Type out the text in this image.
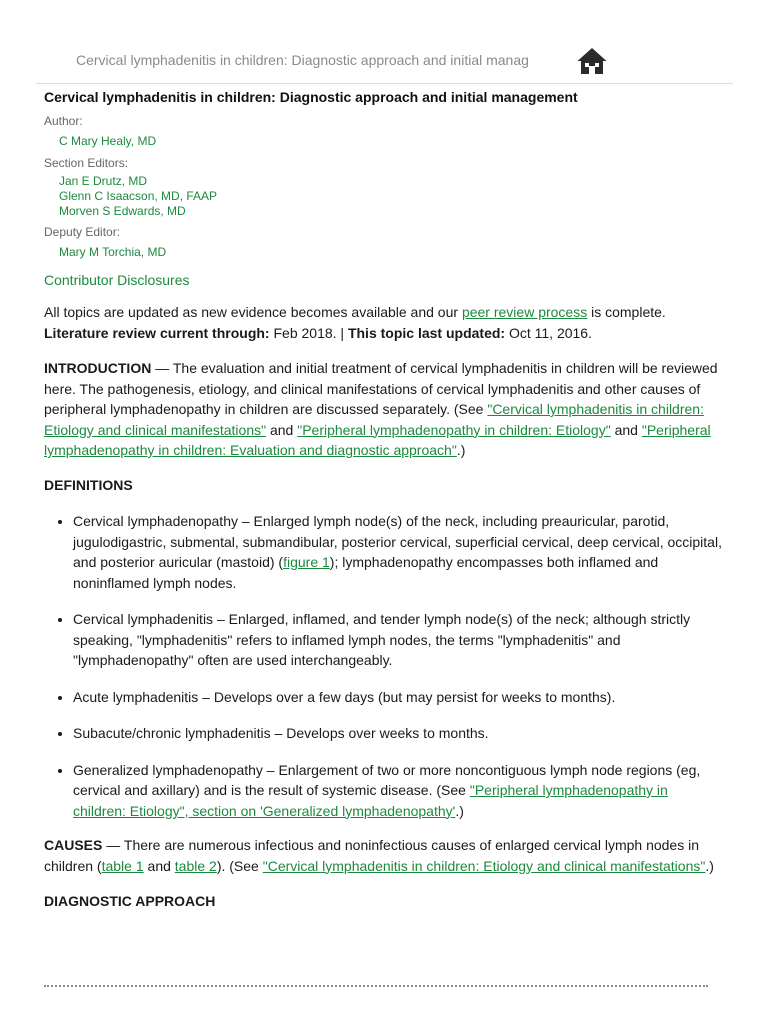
Cervical lymphadenitis in children: Diagnostic approach and initial manag
Cervical lymphadenitis in children: Diagnostic approach and initial management
Author:
C Mary Healy, MD
Section Editors:
Jan E Drutz, MD
Glenn C Isaacson, MD, FAAP
Morven S Edwards, MD
Deputy Editor:
Mary M Torchia, MD
Contributor Disclosures

All topics are updated as new evidence becomes available and our peer review process is complete.
Literature review current through: Feb 2018. | This topic last updated: Oct 11, 2016.

INTRODUCTION — The evaluation and initial treatment of cervical lymphadenitis in children will be reviewed here. The pathogenesis, etiology, and clinical manifestations of cervical lymphadenitis and other causes of peripheral lymphadenopathy in children are discussed separately. (See "Cervical lymphadenitis in children: Etiology and clinical manifestations" and "Peripheral lymphadenopathy in children: Etiology" and "Peripheral lymphadenopathy in children: Evaluation and diagnostic approach".)

DEFINITIONS

• Cervical lymphadenopathy – Enlarged lymph node(s) of the neck, including preauricular, parotid, jugulodigastric, submental, submandibular, posterior cervical, superficial cervical, deep cervical, occipital, and posterior auricular (mastoid) (figure 1); lymphadenopathy encompasses both inflamed and noninflamed lymph nodes.
• Cervical lymphadenitis – Enlarged, inflamed, and tender lymph node(s) of the neck; although strictly speaking, "lymphadenitis" refers to inflamed lymph nodes, the terms "lymphadenitis" and "lymphadenopathy" often are used interchangeably.
• Acute lymphadenitis – Develops over a few days (but may persist for weeks to months).
• Subacute/chronic lymphadenitis – Develops over weeks to months.
• Generalized lymphadenopathy – Enlargement of two or more noncontiguous lymph node regions (eg, cervical and axillary) and is the result of systemic disease. (See "Peripheral lymphadenopathy in children: Etiology", section on 'Generalized lymphadenopathy'.)

CAUSES — There are numerous infectious and noninfectious causes of enlarged cervical lymph nodes in children (table 1 and table 2). (See "Cervical lymphadenitis in children: Etiology and clinical manifestations".)

DIAGNOSTIC APPROACH
